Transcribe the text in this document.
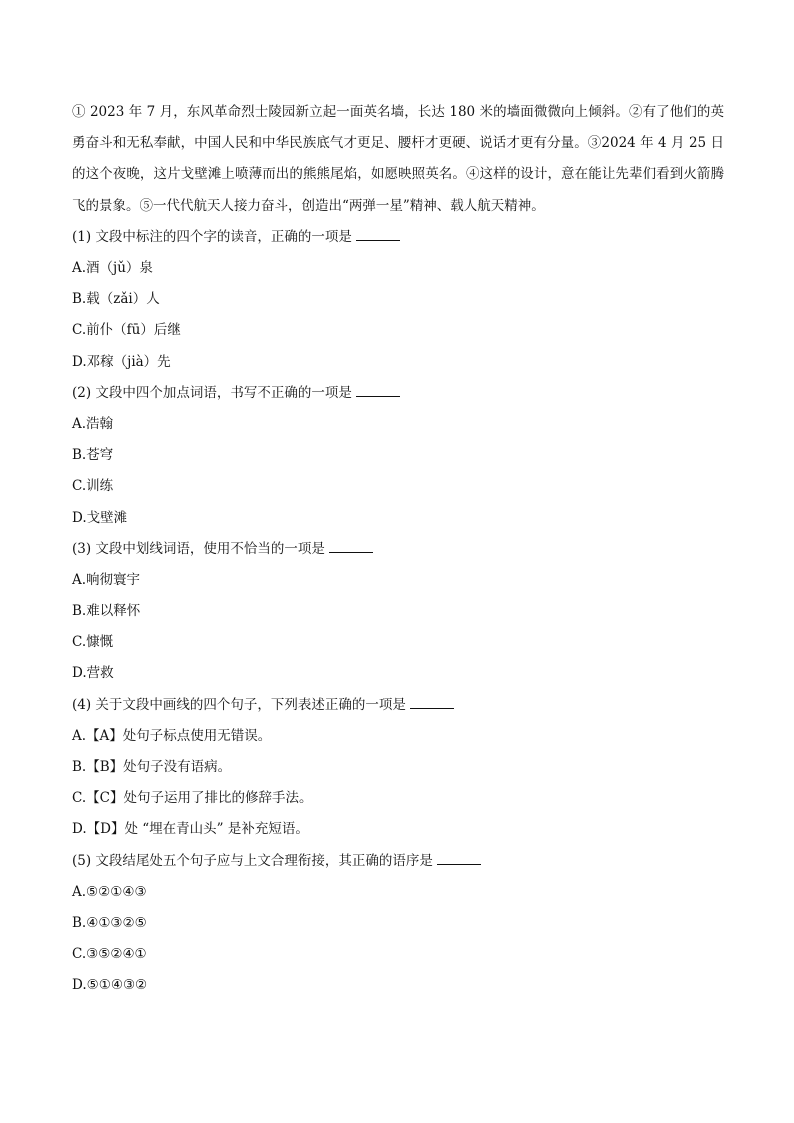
① 2023 年 7 月，东风革命烈士陵园新立起一面英名墙，长达 180 米的墙面微微向上倾斜。②有了他们的英勇奋斗和无私奉献，中国人民和中华民族底气才更足、腰杆才更硬、说话才更有分量。③2024 年 4 月 25 日的这个夜晚，这片戈壁滩上喷薄而出的熊熊尾焰，如愿映照英名。④这样的设计，意在能让先辈们看到火箭腾飞的景象。⑤一代代航天人接力奋斗，创造出“两弹一星”精神、载人航天精神。

(1) 文段中标注的四个字的读音，正确的一项是

A.酒（jǔ）泉

B.载（zǎi）人

C.前仆（fū）后继

D.邓稼（jià）先

(2) 文段中四个加点词语，书写不正确的一项是

A.浩翰

B.苍穹

C.训练

D.戈壁滩

(3) 文段中划线词语，使用不恰当的一项是

A.响彻寰宇

B.难以释怀

C.慷慨

D.营救

(4) 关于文段中画线的四个句子，下列表述正确的一项是

A.【A】处句子标点使用无错误。

B.【B】处句子没有语病。

C.【C】处句子运用了排比的修辞手法。

D.【D】处 “埋在青山头” 是补充短语。

(5) 文段结尾处五个句子应与上文合理衔接，其正确的语序是

A.⑤②①④③

B.④①③②⑤

C.③⑤②④①

D.⑤①④③②
